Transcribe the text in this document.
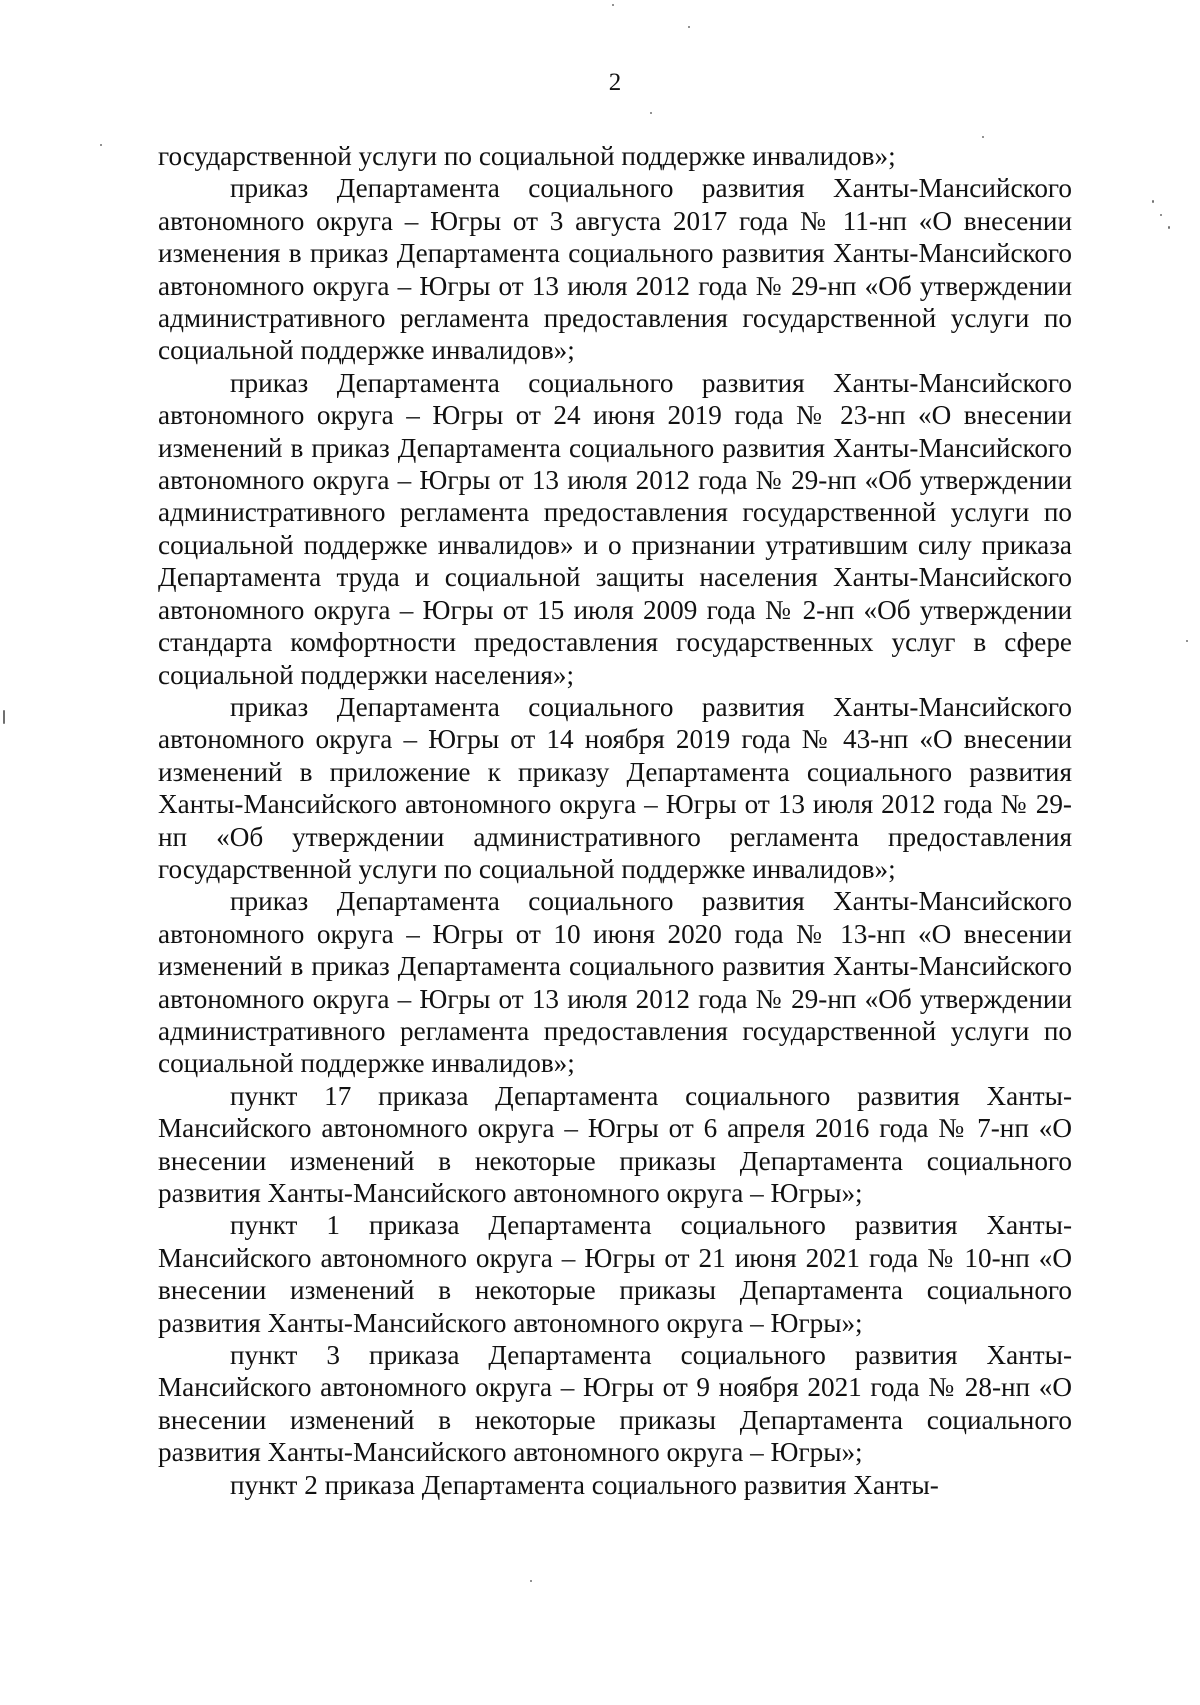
2

государственной услуги по социальной поддержке инвалидов»;

приказ Департамента социального развития Ханты-Мансийского автономного округа – Югры от 3 августа 2017 года № 11-нп «О внесении изменения в приказ Департамента социального развития Ханты-Мансийского автономного округа – Югры от 13 июля 2012 года № 29-нп «Об утверждении административного регламента предоставления государственной услуги по социальной поддержке инвалидов»;

приказ Департамента социального развития Ханты-Мансийского автономного округа – Югры от 24 июня 2019 года № 23-нп «О внесении изменений в приказ Департамента социального развития Ханты-Мансийского автономного округа – Югры от 13 июля 2012 года № 29-нп «Об утверждении административного регламента предоставления государственной услуги по социальной поддержке инвалидов» и о признании утратившим силу приказа Департамента труда и социальной защиты населения Ханты-Мансийского автономного округа – Югры от 15 июля 2009 года № 2-нп «Об утверждении стандарта комфортности предоставления государственных услуг в сфере социальной поддержки населения»;

приказ Департамента социального развития Ханты-Мансийского автономного округа – Югры от 14 ноября 2019 года № 43-нп «О внесении изменений в приложение к приказу Департамента социального развития Ханты-Мансийского автономного округа – Югры от 13 июля 2012 года № 29-нп «Об утверждении административного регламента предоставления государственной услуги по социальной поддержке инвалидов»;

приказ Департамента социального развития Ханты-Мансийского автономного округа – Югры от 10 июня 2020 года № 13-нп «О внесении изменений в приказ Департамента социального развития Ханты-Мансийского автономного округа – Югры от 13 июля 2012 года № 29-нп «Об утверждении административного регламента предоставления государственной услуги по социальной поддержке инвалидов»;

пункт 17 приказа Департамента социального развития Ханты-Мансийского автономного округа – Югры от 6 апреля 2016 года № 7-нп «О внесении изменений в некоторые приказы Департамента социального развития Ханты-Мансийского автономного округа – Югры»;

пункт 1 приказа Департамента социального развития Ханты-Мансийского автономного округа – Югры от 21 июня 2021 года № 10-нп «О внесении изменений в некоторые приказы Департамента социального развития Ханты-Мансийского автономного округа – Югры»;

пункт 3 приказа Департамента социального развития Ханты-Мансийского автономного округа – Югры от 9 ноября 2021 года № 28-нп «О внесении изменений в некоторые приказы Департамента социального развития Ханты-Мансийского автономного округа – Югры»;

пункт 2 приказа Департамента социального развития Ханты-
